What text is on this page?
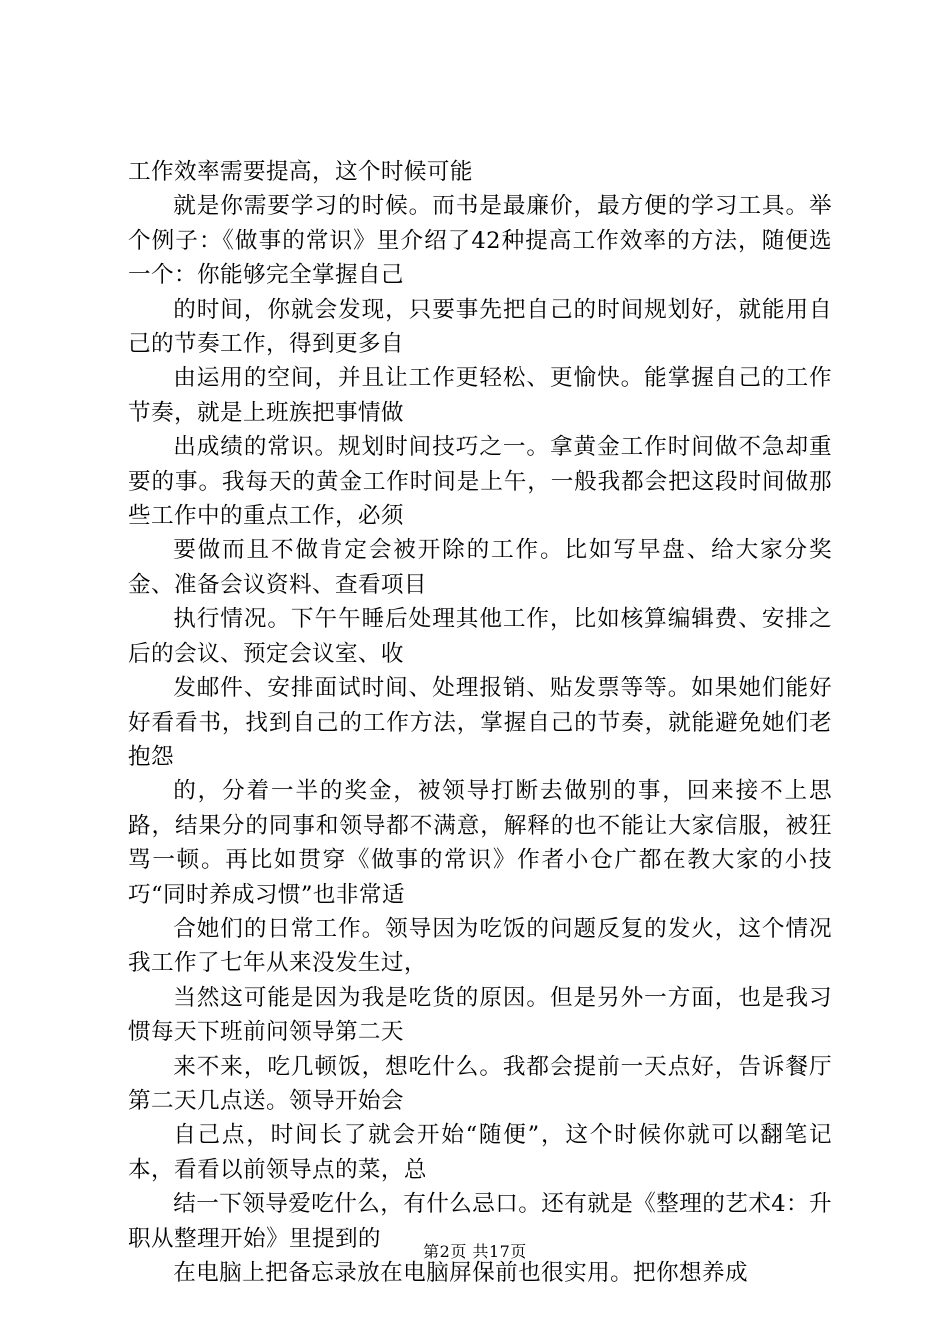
工作效率需要提高，这个时候可能

就是你需要学习的时候。而书是最廉价，最方便的学习工具。举个例子：《做事的常识》里介绍了42种提高工作效率的方法，随便选一个：你能够完全掌握自己

的时间，你就会发现，只要事先把自己的时间规划好，就能用自己的节奏工作，得到更多自

由运用的空间，并且让工作更轻松、更愉快。能掌握自己的工作节奏，就是上班族把事情做

出成绩的常识。规划时间技巧之一。拿黄金工作时间做不急却重要的事。我每天的黄金工作时间是上午，一般我都会把这段时间做那些工作中的重点工作，必须

要做而且不做肯定会被开除的工作。比如写早盘、给大家分奖金、准备会议资料、查看项目

执行情况。下午午睡后处理其他工作，比如核算编辑费、安排之后的会议、预定会议室、收

发邮件、安排面试时间、处理报销、贴发票等等。如果她们能好好看看书，找到自己的工作方法，掌握自己的节奏，就能避免她们老抱怨

的，分着一半的奖金，被领导打断去做别的事，回来接不上思路，结果分的同事和领导都不满意，解释的也不能让大家信服，被狂骂一顿。再比如贯穿《做事的常识》作者小仓广都在教大家的小技巧“同时养成习惯”也非常适

合她们的日常工作。领导因为吃饭的问题反复的发火，这个情况我工作了七年从来没发生过，

当然这可能是因为我是吃货的原因。但是另外一方面，也是我习惯每天下班前问领导第二天

来不来，吃几顿饭，想吃什么。我都会提前一天点好，告诉餐厅第二天几点送。领导开始会

自己点，时间长了就会开始“随便”，这个时候你就可以翻笔记本，看看以前领导点的菜，总

结一下领导爱吃什么，有什么忌口。还有就是《整理的艺术4：升职从整理开始》里提到的

在电脑上把备忘录放在电脑屏保前也很实用。把你想养成

第2页 共17页
